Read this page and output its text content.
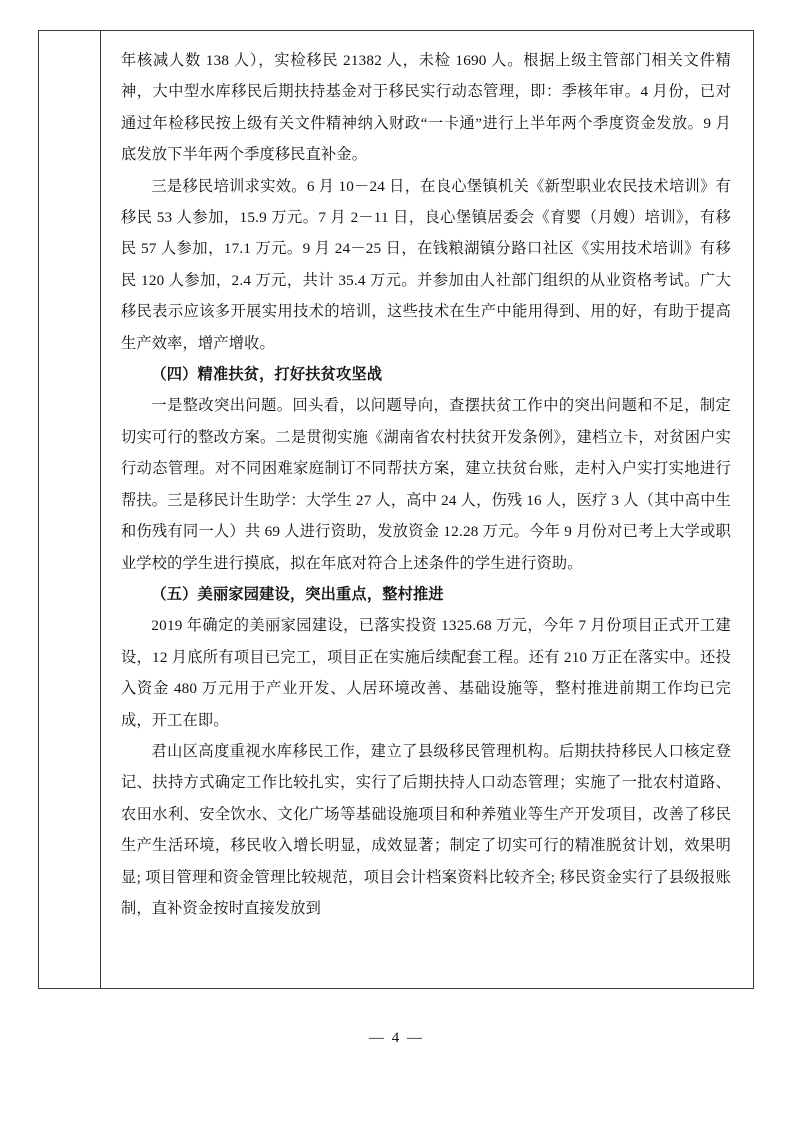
年核减人数 138 人），实检移民 21382 人，未检 1690 人。根据上级主管部门相关文件精神，大中型水库移民后期扶持基金对于移民实行动态管理，即：季核年审。4 月份，已对通过年检移民按上级有关文件精神纳入财政“一卡通”进行上半年两个季度资金发放。9 月底发放下半年两个季度移民直补金。

三是移民培训求实效。6 月 10－24 日，在良心堡镇机关《新型职业农民技术培训》有移民 53 人参加，15.9 万元。7 月 2－11 日，良心堡镇居委会《育婴（月嫂）培训》，有移民 57 人参加，17.1 万元。9 月 24－25 日，在钱粮湖镇分路口社区《实用技术培训》有移民 120 人参加，2.4 万元，共计 35.4 万元。并参加由人社部门组织的从业资格考试。广大移民表示应该多开展实用技术的培训，这些技术在生产中能用得到、用的好，有助于提高生产效率，增产增收。

（四）精准扶贫，打好扶贫攻坚战

一是整改突出问题。回头看，以问题导向，查摆扶贫工作中的突出问题和不足，制定切实可行的整改方案。二是贯彻实施《湖南省农村扶贫开发条例》，建档立卡，对贫困户实行动态管理。对不同困难家庭制订不同帮扶方案，建立扶贫台账，走村入户实打实地进行帮扶。三是移民计生助学：大学生 27 人，高中 24 人，伤残 16 人，医疗 3 人（其中高中生和伤残有同一人）共 69 人进行资助，发放资金 12.28 万元。今年 9 月份对已考上大学或职业学校的学生进行摸底，拟在年底对符合上述条件的学生进行资助。

（五）美丽家园建设，突出重点，整村推进

2019 年确定的美丽家园建设，已落实投资 1325.68 万元，今年 7 月份项目正式开工建设，12 月底所有项目已完工，项目正在实施后续配套工程。还有 210 万正在落实中。还投入资金 480 万元用于产业开发、人居环境改善、基础设施等，整村推进前期工作均已完成，开工在即。

君山区高度重视水库移民工作，建立了县级移民管理机构。后期扶持移民人口核定登记、扶持方式确定工作比较扎实，实行了后期扶持人口动态管理；实施了一批农村道路、农田水利、安全饮水、文化广场等基础设施项目和种养殖业等生产开发项目，改善了移民生产生活环境，移民收入增长明显，成效显著；制定了切实可行的精准脱贫计划，效果明显; 项目管理和资金管理比较规范，项目会计档案资料比较齐全; 移民资金实行了县级报账制，直补资金按时直接发放到

— 4 —
